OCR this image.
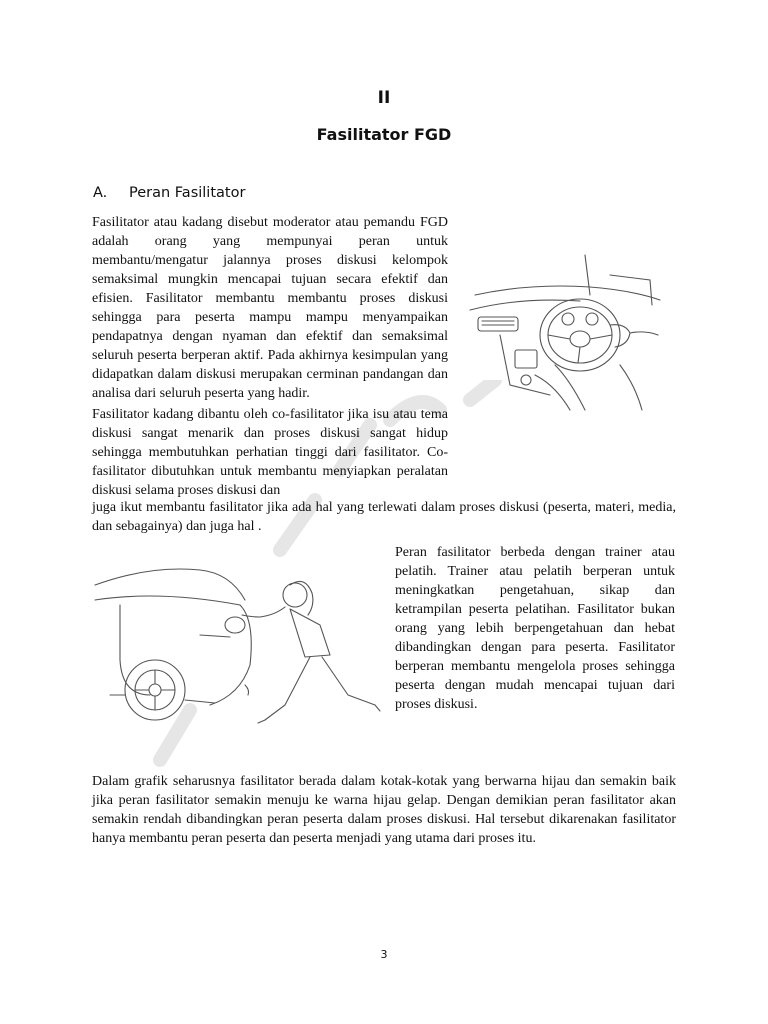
II
Fasilitator FGD
A. Peran Fasilitator

Fasilitator atau kadang disebut moderator atau pemandu FGD adalah orang yang mempunyai peran untuk membantu/mengatur jalannya proses diskusi kelompok semaksimal mungkin mencapai tujuan secara efektif dan efisien. Fasilitator membantu membantu proses diskusi sehingga para peserta mampu mampu menyampaikan pendapatnya dengan nyaman dan efektif dan semaksimal seluruh peserta berperan aktif. Pada akhirnya kesimpulan yang didapatkan dalam diskusi merupakan cerminan pandangan dan analisa dari seluruh peserta yang hadir.

Fasilitator kadang dibantu oleh co-fasilitator jika isu atau tema diskusi sangat menarik dan proses diskusi sangat hidup sehingga membutuhkan perhatian tinggi dari fasilitator. Co-fasilitator dibutuhkan untuk membantu menyiapkan peralatan diskusi selama proses diskusi dan

juga ikut membantu fasilitator jika ada hal yang terlewati dalam proses diskusi (peserta, materi, media, dan sebagainya) dan juga hal .

Peran fasilitator berbeda dengan trainer atau pelatih. Trainer atau pelatih berperan untuk meningkatkan pengetahuan, sikap dan ketrampilan peserta pelatihan. Fasilitator bukan orang yang lebih berpengetahuan dan hebat dibandingkan dengan para peserta. Fasilitator berperan membantu mengelola proses sehingga peserta dengan mudah mencapai tujuan dari proses diskusi.

Dalam grafik seharusnya fasilitator berada dalam kotak-kotak yang berwarna hijau dan semakin baik jika peran fasilitator semakin menuju ke warna hijau gelap. Dengan demikian peran fasilitator akan semakin rendah dibandingkan peran peserta dalam proses diskusi. Hal tersebut dikarenakan fasilitator hanya membantu peran peserta dan peserta menjadi yang utama dari proses itu.

3
